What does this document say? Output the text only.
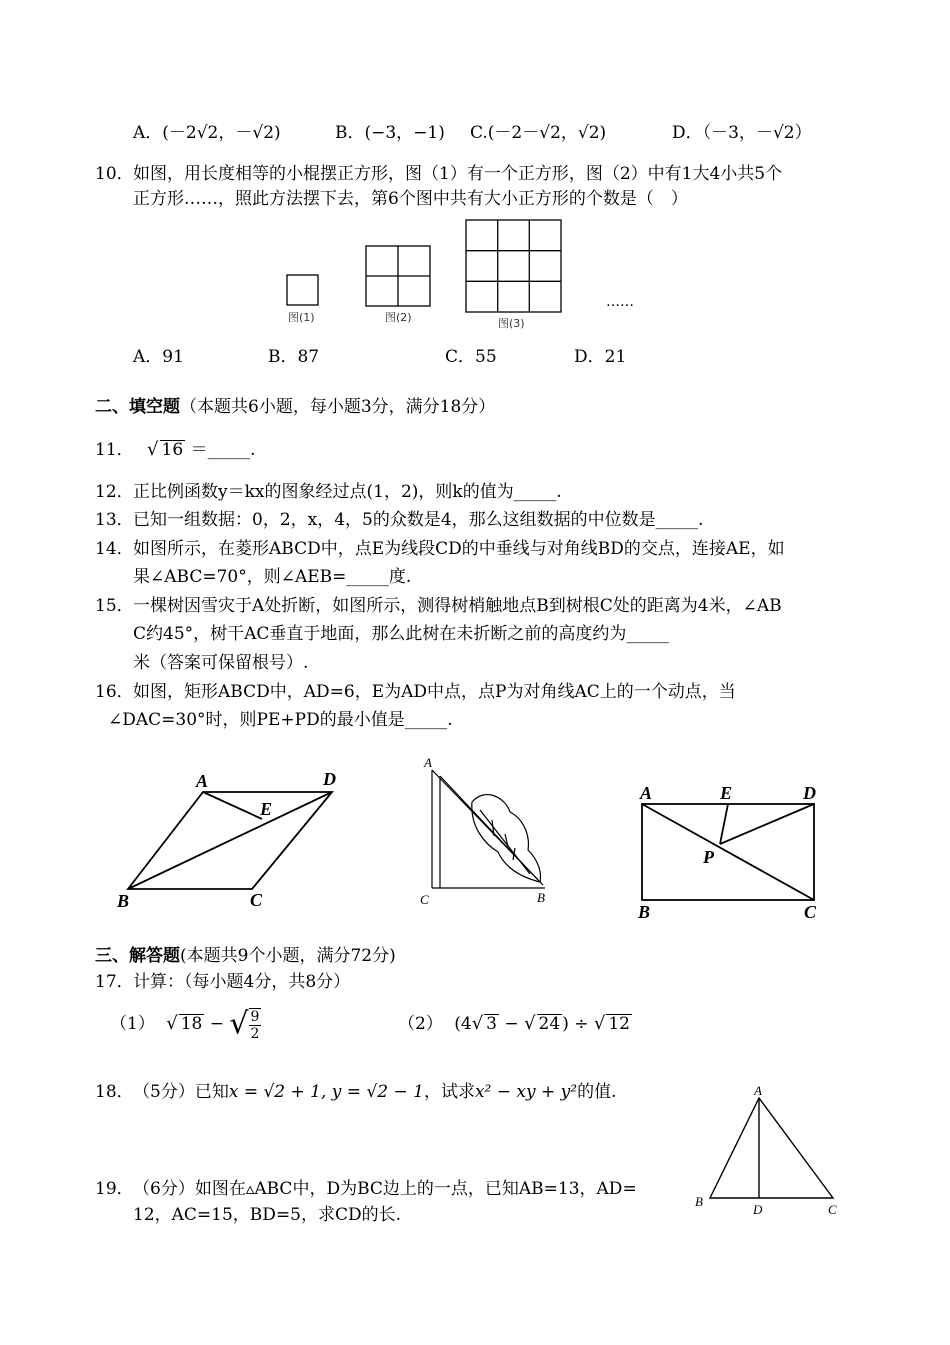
A．(－2√2，－√2)	B．(−3，−1) C.(－2－√2，√2)	D．（－3，－√2）
10． 如图，用长度相等的小棍摆正方形，图（1）有一个正方形，图（2）中有1大4小共5个
正方形……，照此方法摆下去，第6个图中共有大小正方形的个数是（　）
图(1)	图(2)	图(3)
……
A．91	B．87	C．55	D．21
二、填空题（本题共6小题，每小题3分，满分18分）
11． √ 16 ＝_____.
12． 正比例函数y＝kx的图象经过点(1，2)，则k的值为_____.
13． 已知一组数据：0，2，x，4，5的众数是4，那么这组数据的中位数是_____.
14． 如图所示，在菱形ABCD中，点E为线段CD的中垂线与对角线BD的交点，连接AE，如
果∠ABC=70°，则∠AEB=_____度.
15． 一棵树因雪灾于A处折断，如图所示，测得树梢触地点B到树根C处的距离为4米，∠AB
C约45°，树干AC垂直于地面，那么此树在未折断之前的高度约为_____
米（答案可保留根号）.
16． 如图，矩形ABCD中，AD=6，E为AD中点，点P为对角线AC上的一个动点，当
∠DAC=30°时，则PE+PD的最小值是_____.
A	D
E
B	C
A
C	B
A	E	D
P
B	C
三、解答题(本题共9个小题，满分72分)
17． 计算：（每小题4分，共8分）
（1） √ 18 − √ $\frac{9}{2}$	（2） (4√ 3 − √ 24 ) ÷ √ 12
18． （5分）已知x = √2 + 1, y = √2 − 1，试求x² − xy + y²的值.	A
B
D	C
19． （6分）如图在▵ABC中，D为BC边上的一点，已知AB=13，AD=
12，AC=15，BD=5，求CD的长.
